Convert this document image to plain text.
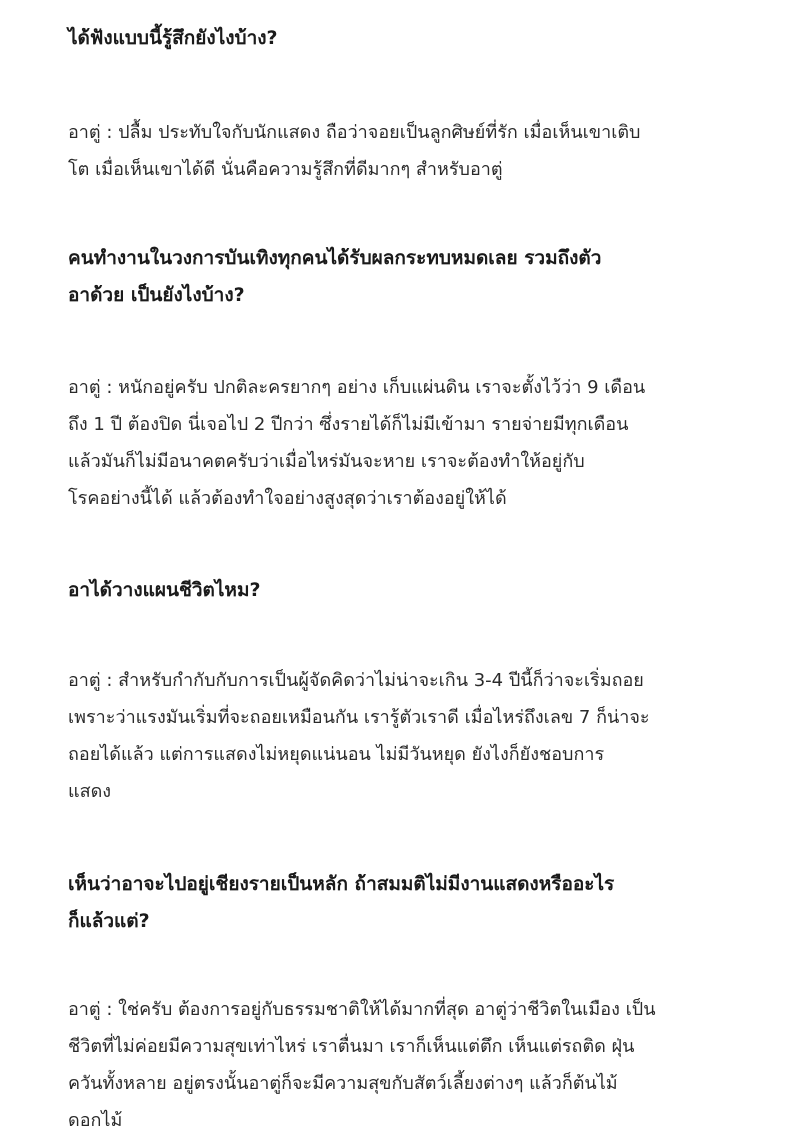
ได้ฟังแบบนี้รู้สึกยังไงบ้าง?

อาตู่ : ปลื้ม ประทับใจกับนักแสดง ถือว่าจอยเป็นลูกศิษย์ที่รัก เมื่อเห็นเขาเติบ
โต เมื่อเห็นเขาได้ดี นั่นคือความรู้สึกที่ดีมากๆ สำหรับอาตู่

คนทำงานในวงการบันเทิงทุกคนได้รับผลกระทบหมดเลย รวมถึงตัว
อาด้วย เป็นยังไงบ้าง?

อาตู่ : หนักอยู่ครับ ปกติละครยากๆ อย่าง เก็บแผ่นดิน เราจะตั้งไว้ว่า 9 เดือน
ถึง 1 ปี ต้องปิด นี่เจอไป 2 ปีกว่า ซึ่งรายได้ก็ไม่มีเข้ามา รายจ่ายมีทุกเดือน
แล้วมันก็ไม่มีอนาคตครับว่าเมื่อไหร่มันจะหาย เราจะต้องทำให้อยู่กับ
โรคอย่างนี้ได้ แล้วต้องทำใจอย่างสูงสุดว่าเราต้องอยู่ให้ได้

อาได้วางแผนชีวิตไหม?

อาตู่ : สำหรับกำกับกับการเป็นผู้จัดคิดว่าไม่น่าจะเกิน 3-4 ปีนี้ก็ว่าจะเริ่มถอย
เพราะว่าแรงมันเริ่มที่จะถอยเหมือนกัน เรารู้ตัวเราดี เมื่อไหร่ถึงเลข 7 ก็น่าจะ
ถอยได้แล้ว แต่การแสดงไม่หยุดแน่นอน ไม่มีวันหยุด ยังไงก็ยังชอบการ
แสดง

เห็นว่าอาจะไปอยู่เชียงรายเป็นหลัก ถ้าสมมติไม่มีงานแสดงหรืออะไร
ก็แล้วแต่?

อาตู่ : ใช่ครับ ต้องการอยู่กับธรรมชาติให้ได้มากที่สุด อาตู่ว่าชีวิตในเมือง เป็น
ชีวิตที่ไม่ค่อยมีความสุขเท่าไหร่ เราตื่นมา เราก็เห็นแต่ตึก เห็นแต่รถติด ฝุ่น
ควันทั้งหลาย อยู่ตรงนั้นอาตู่ก็จะมีความสุขกับสัตว์เลี้ยงต่างๆ แล้วก็ต้นไม้
ดอกไม้
